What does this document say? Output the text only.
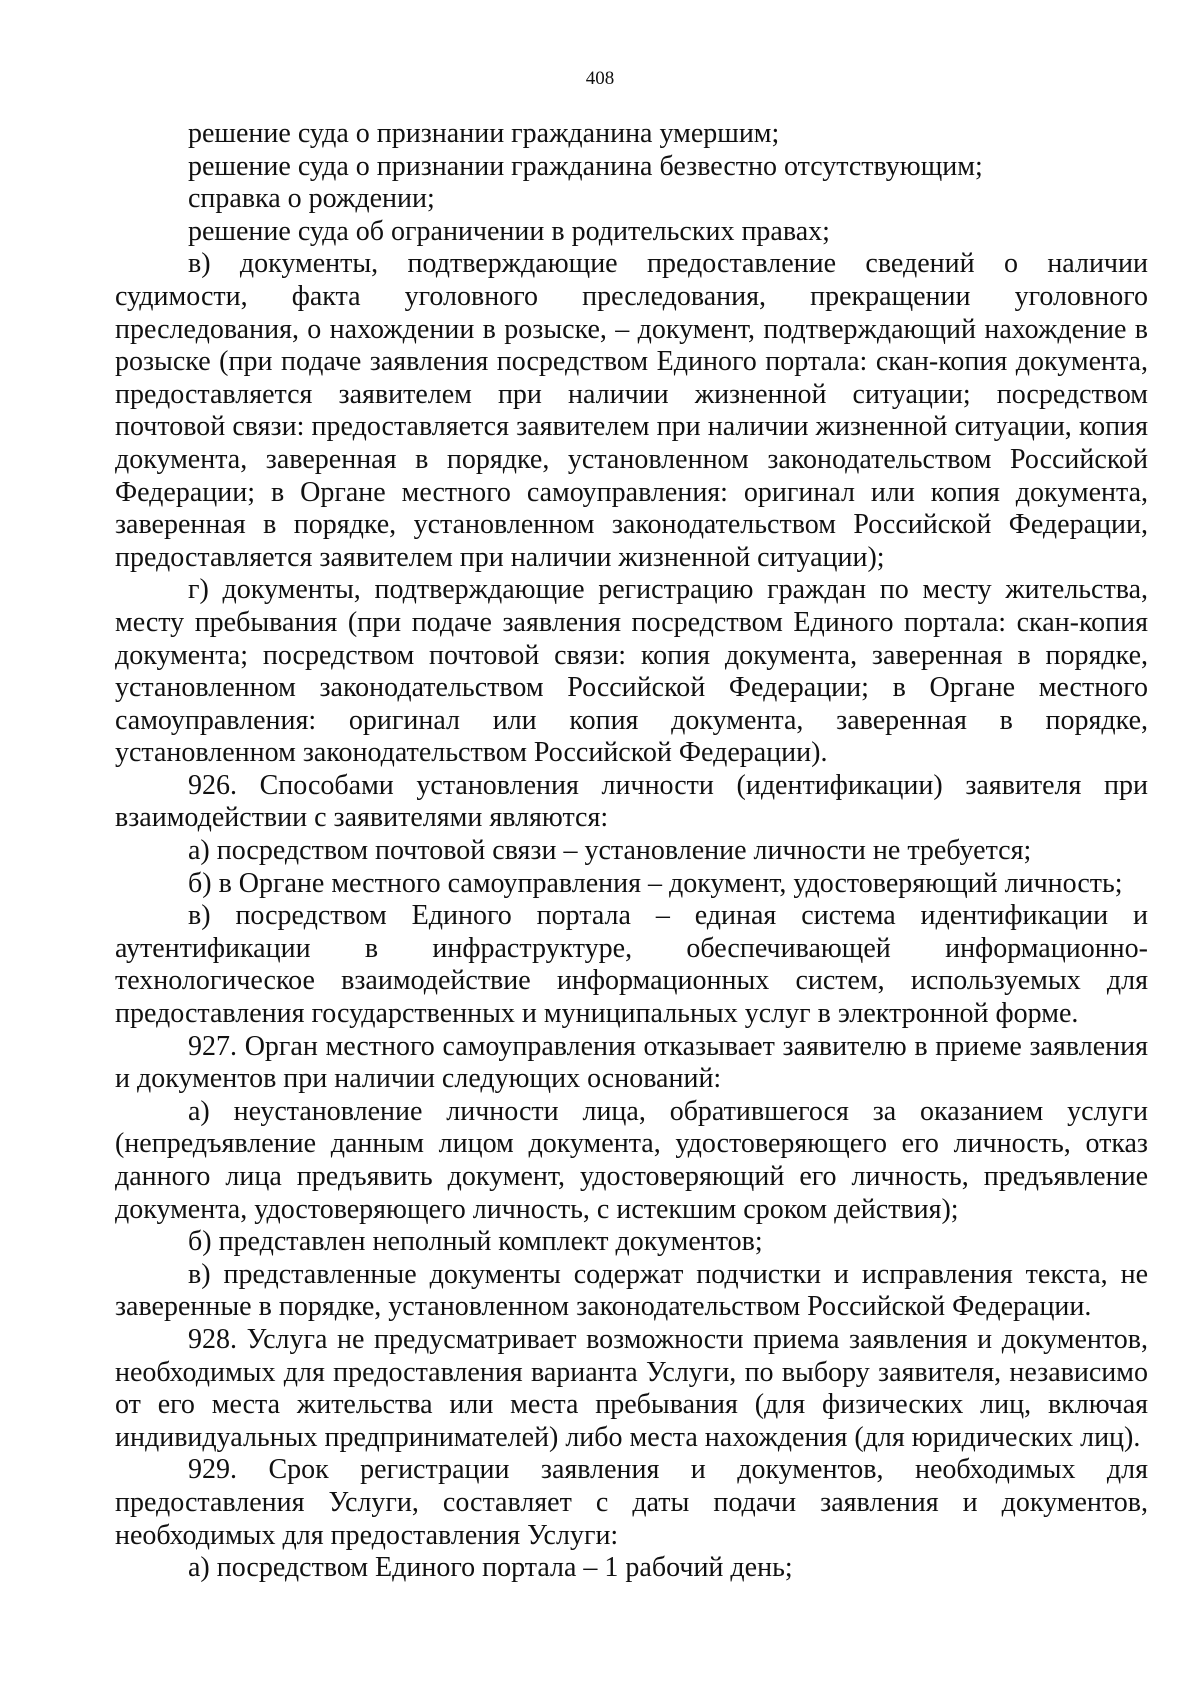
408

решение суда о признании гражданина умершим;

решение суда о признании гражданина безвестно отсутствующим;

справка о рождении;

решение суда об ограничении в родительских правах;

в) документы, подтверждающие предоставление сведений о наличии судимости, факта уголовного преследования, прекращении уголовного преследования, о нахождении в розыске, – документ, подтверждающий нахождение в розыске (при подаче заявления посредством Единого портала: скан-копия документа, предоставляется заявителем при наличии жизненной ситуации; посредством почтовой связи: предоставляется заявителем при наличии жизненной ситуации, копия документа, заверенная в порядке, установленном законодательством Российской Федерации; в Органе местного самоуправления: оригинал или копия документа, заверенная в порядке, установленном законодательством Российской Федерации, предоставляется заявителем при наличии жизненной ситуации);

г) документы, подтверждающие регистрацию граждан по месту жительства, месту пребывания (при подаче заявления посредством Единого портала: скан-копия документа; посредством почтовой связи: копия документа, заверенная в порядке, установленном законодательством Российской Федерации; в Органе местного самоуправления: оригинал или копия документа, заверенная в порядке, установленном законодательством Российской Федерации).

926. Способами установления личности (идентификации) заявителя при взаимодействии с заявителями являются:

а) посредством почтовой связи – установление личности не требуется;

б) в Органе местного самоуправления – документ, удостоверяющий личность;

в) посредством Единого портала – единая система идентификации и аутентификации в инфраструктуре, обеспечивающей информационно-технологическое взаимодействие информационных систем, используемых для предоставления государственных и муниципальных услуг в электронной форме.

927. Орган местного самоуправления отказывает заявителю в приеме заявления и документов при наличии следующих оснований:

а) неустановление личности лица, обратившегося за оказанием услуги (непредъявление данным лицом документа, удостоверяющего его личность, отказ данного лица предъявить документ, удостоверяющий его личность, предъявление документа, удостоверяющего личность, с истекшим сроком действия);

б) представлен неполный комплект документов;

в) представленные документы содержат подчистки и исправления текста, не заверенные в порядке, установленном законодательством Российской Федерации.

928. Услуга не предусматривает возможности приема заявления и документов, необходимых для предоставления варианта Услуги, по выбору заявителя, независимо от его места жительства или места пребывания (для физических лиц, включая индивидуальных предпринимателей) либо места нахождения (для юридических лиц).

929. Срок регистрации заявления и документов, необходимых для предоставления Услуги, составляет с даты подачи заявления и документов, необходимых для предоставления Услуги:

а) посредством Единого портала – 1 рабочий день;
